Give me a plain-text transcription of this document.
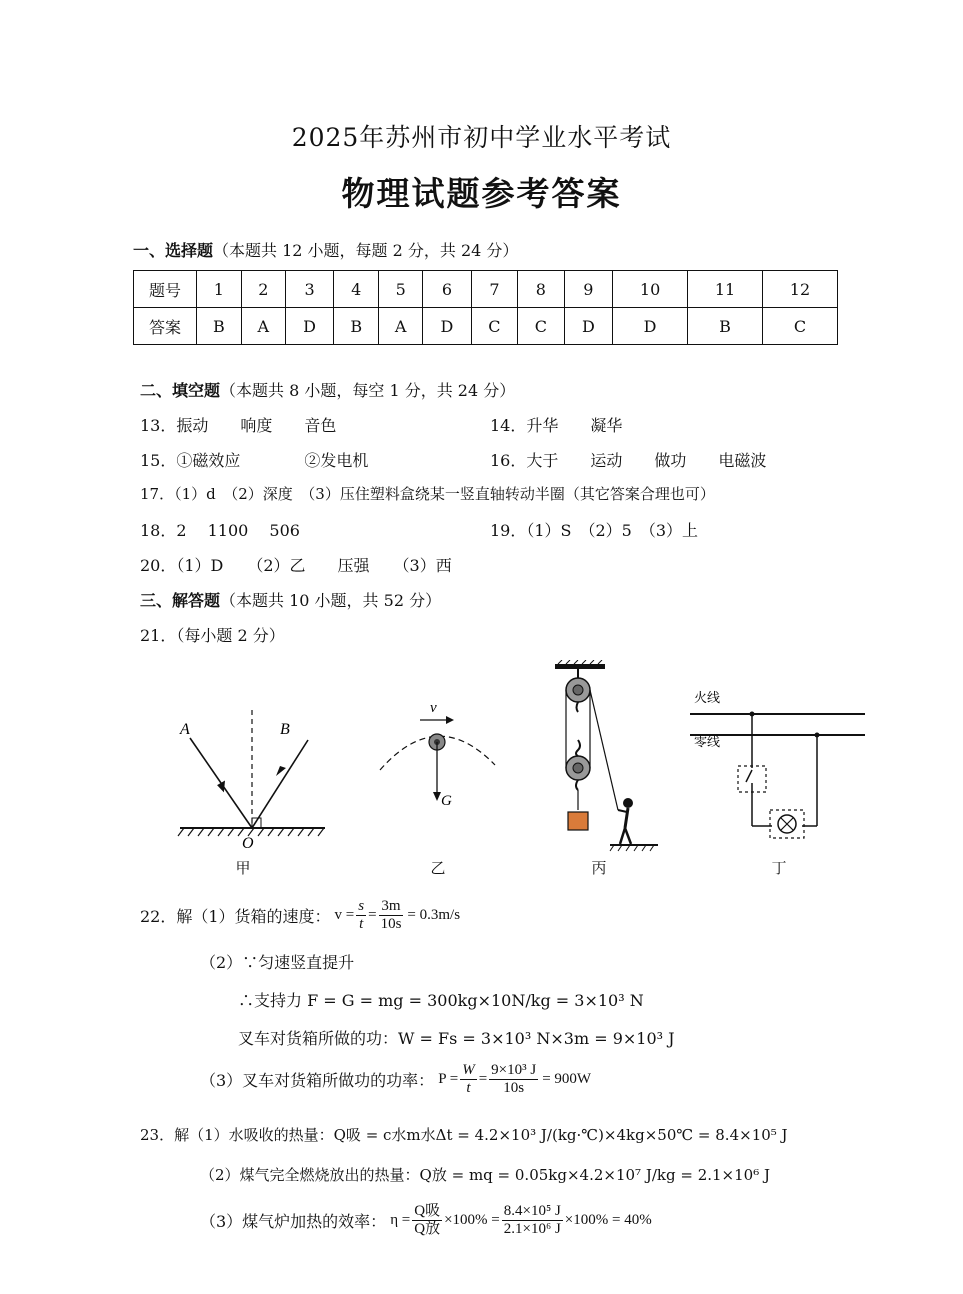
2025年苏州市初中学业水平考试
物理试题参考答案
一、选择题（本题共 12 小题，每题 2 分，共 24 分）
题号	1	2	3	4	5	6	7	8	9	10	11	12
答案	B	A	D	B	A	D	C	C	D	D	B	C
二、填空题（本题共 8 小题，每空 1 分，共 24 分）
13．振动　　响度　　音色	14．升华　　凝华
15．①磁效应　　　　②发电机	16．大于　　运动　　做功　　电磁波
17．（1）d　（2）深度　（3）压住塑料盒绕某一竖直轴转动半圈（其它答案合理也可）
18．2　 1100　 506	19．（1）S　（2）5　（3）上
20．（1）D　　（2）乙　　压强　　（3）西
三、解答题（本题共 10 小题，共 52 分）
21．（每小题 2 分）
A	B
O
v
G
火线
零线
甲	乙	丙	丁
22．解（1）货箱的速度： $v = \frac{s}{t} = \frac{3m}{10s} = 0.3m/s$
（2）∵匀速竖直提升
∴支持力 F = G = mg = 300kg×10N/kg = 3×10³ N
叉车对货箱所做的功：W = Fs = 3×10³ N×3m = 9×10³ J
（3）叉车对货箱所做功的功率： $P = \frac{W}{t} = \frac{\text{9×10³ J}}{10s} = 900W$
23．解（1）水吸收的热量：Q吸 = c水m水Δt = 4.2×10³ J/(kg·℃)×4kg×50℃ = 8.4×10⁵ J
（2）煤气完全燃烧放出的热量：Q放 = mq = 0.05kg×4.2×10⁷ J/kg = 2.1×10⁶ J
（3）煤气炉加热的效率： $\eta = \frac{\text{Q吸}}{\text{Q放}} \times 100\% = \frac{\text{8.4×10⁵ J}}{\text{2.1×10⁶ J}} \times 100\% = 40\%$
